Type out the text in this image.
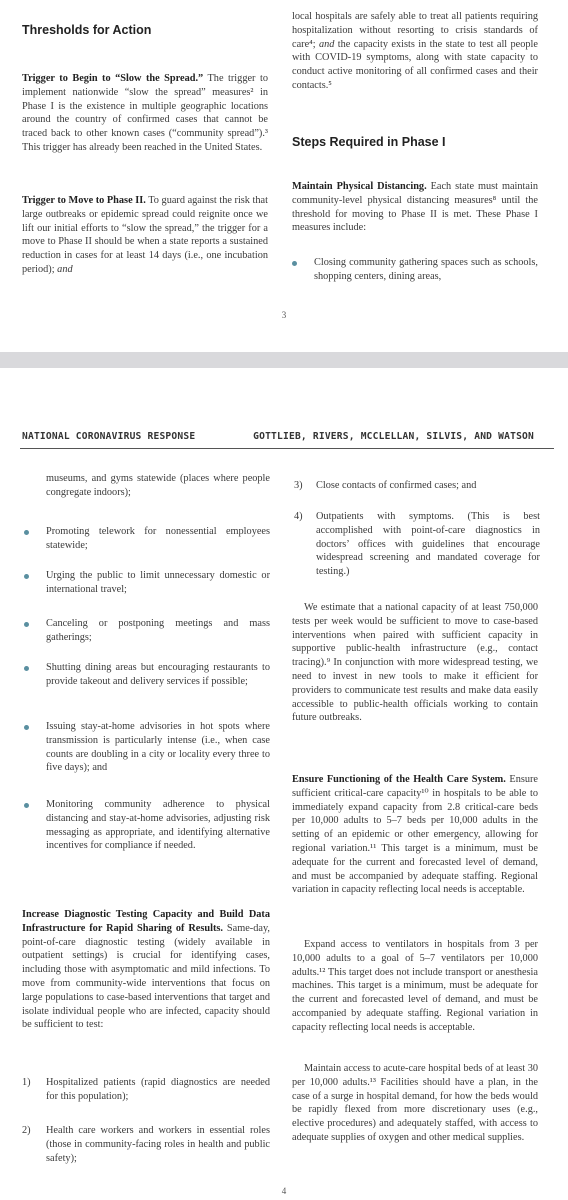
Thresholds for Action
Trigger to Begin to “Slow the Spread.” The trigger to implement nationwide “slow the spread” measures² in Phase I is the existence in multiple geographic locations around the country of confirmed cases that cannot be traced back to other known cases (“community spread”).³ This trigger has already been reached in the United States.
Trigger to Move to Phase II. To guard against the risk that large outbreaks or epidemic spread could reignite once we lift our initial efforts to “slow the spread,” the trigger for a move to Phase II should be when a state reports a sustained reduction in cases for at least 14 days (i.e., one incubation period); and
local hospitals are safely able to treat all patients requiring hospitalization without resorting to crisis standards of care⁴; and the capacity exists in the state to test all people with COVID-19 symptoms, along with state capacity to conduct active monitoring of all confirmed cases and their contacts.⁵
Steps Required in Phase I
Maintain Physical Distancing. Each state must maintain community-level physical distancing measures⁸ until the threshold for moving to Phase II is met. These Phase I measures include:
Closing community gathering spaces such as schools, shopping centers, dining areas,
3
NATIONAL CORONAVIRUS RESPONSE	GOTTLIEB, RIVERS, MCCLELLAN, SILVIS, AND WATSON
museums, and gyms statewide (places where people congregate indoors);
Promoting telework for nonessential employees statewide;
Urging the public to limit unnecessary domestic or international travel;
Canceling or postponing meetings and mass gatherings;
Shutting dining areas but encouraging restaurants to provide takeout and delivery services if possible;
Issuing stay-at-home advisories in hot spots where transmission is particularly intense (i.e., when case counts are doubling in a city or locality every three to five days); and
Monitoring community adherence to physical distancing and stay-at-home advisories, adjusting risk messaging as appropriate, and identifying alternative incentives for compliance if needed.
Increase Diagnostic Testing Capacity and Build Data Infrastructure for Rapid Sharing of Results. Same-day, point-of-care diagnostic testing (widely available in outpatient settings) is crucial for identifying cases, including those with asymptomatic and mild infections. To move from community-wide interventions that focus on large populations to case-based interventions that target and isolate individual people who are infected, capacity should be sufficient to test:
1)	Hospitalized patients (rapid diagnostics are needed for this population);
2)	Health care workers and workers in essential roles (those in community-facing roles in health and public safety);
3)	Close contacts of confirmed cases; and
4)	Outpatients with symptoms. (This is best accomplished with point-of-care diagnostics in doctors’ offices with guidelines that encourage widespread screening and mandated coverage for testing.)
We estimate that a national capacity of at least 750,000 tests per week would be sufficient to move to case-based interventions when paired with sufficient capacity in supportive public-health infrastructure (e.g., contact tracing).⁹ In conjunction with more widespread testing, we need to invest in new tools to make it efficient for providers to communicate test results and make data easily accessible to public-health officials working to contain future outbreaks.
Ensure Functioning of the Health Care System. Ensure sufficient critical-care capacity¹⁰ in hospitals to be able to immediately expand capacity from 2.8 critical-care beds per 10,000 adults to 5–7 beds per 10,000 adults in the setting of an epidemic or other emergency, allowing for regional variation.¹¹ This target is a minimum, must be adequate for the current and forecasted level of demand, and must be accompanied by adequate staffing. Regional variation in capacity reflecting local needs is acceptable.
Expand access to ventilators in hospitals from 3 per 10,000 adults to a goal of 5–7 ventilators per 10,000 adults.¹² This target does not include transport or anesthesia machines. This target is a minimum, must be adequate for the current and forecasted level of demand, and must be accompanied by adequate staffing. Regional variation in capacity reflecting local needs is acceptable.
Maintain access to acute-care hospital beds of at least 30 per 10,000 adults.¹³ Facilities should have a plan, in the case of a surge in hospital demand, for how the beds would be rapidly flexed from more discretionary uses (e.g., elective procedures) and adequately staffed, with access to adequate supplies of oxygen and other medical supplies.
4
